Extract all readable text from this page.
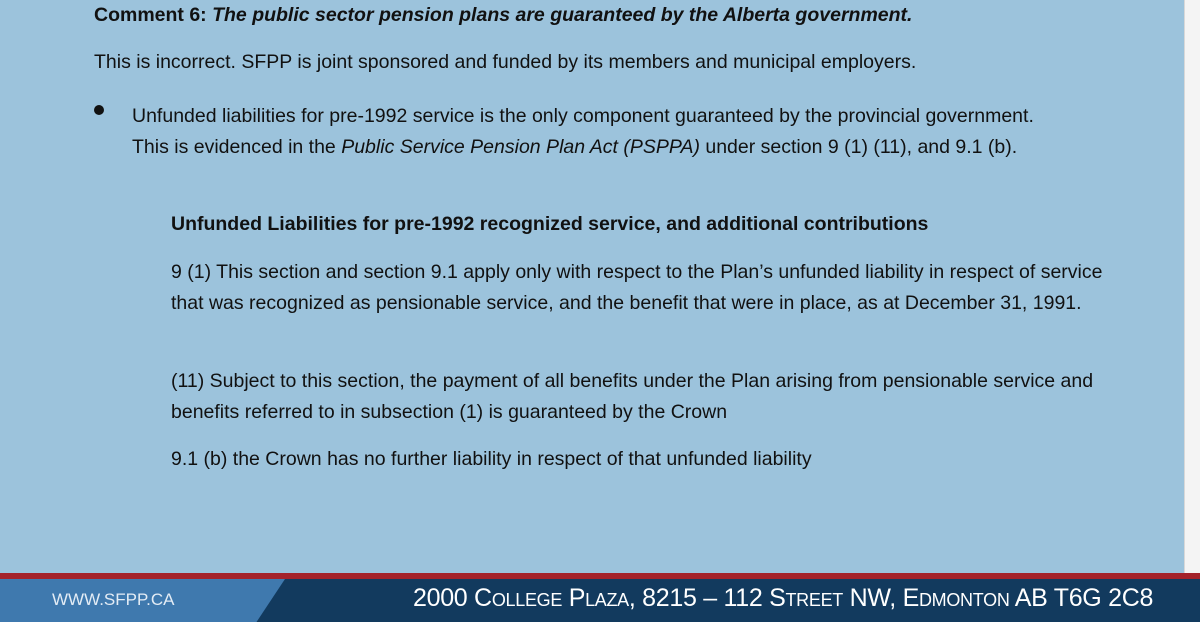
Comment 6: The public sector pension plans are guaranteed by the Alberta government.
This is incorrect. SFPP is joint sponsored and funded by its members and municipal employers.
Unfunded liabilities for pre-1992 service is the only component guaranteed by the provincial government. This is evidenced in the Public Service Pension Plan Act (PSPPA) under section 9 (1) (11), and 9.1 (b).
Unfunded Liabilities for pre-1992 recognized service, and additional contributions
9 (1) This section and section 9.1 apply only with respect to the Plan’s unfunded liability in respect of service that was recognized as pensionable service, and the benefit that were in place, as at December 31, 1991.
(11) Subject to this section, the payment of all benefits under the Plan arising from pensionable service and benefits referred to in subsection (1) is guaranteed by the Crown
9.1 (b) the Crown has no further liability in respect of that unfunded liability
WWW.SFPP.CA	2000 College Plaza, 8215 – 112 Street NW, Edmonton AB T6G 2C8
